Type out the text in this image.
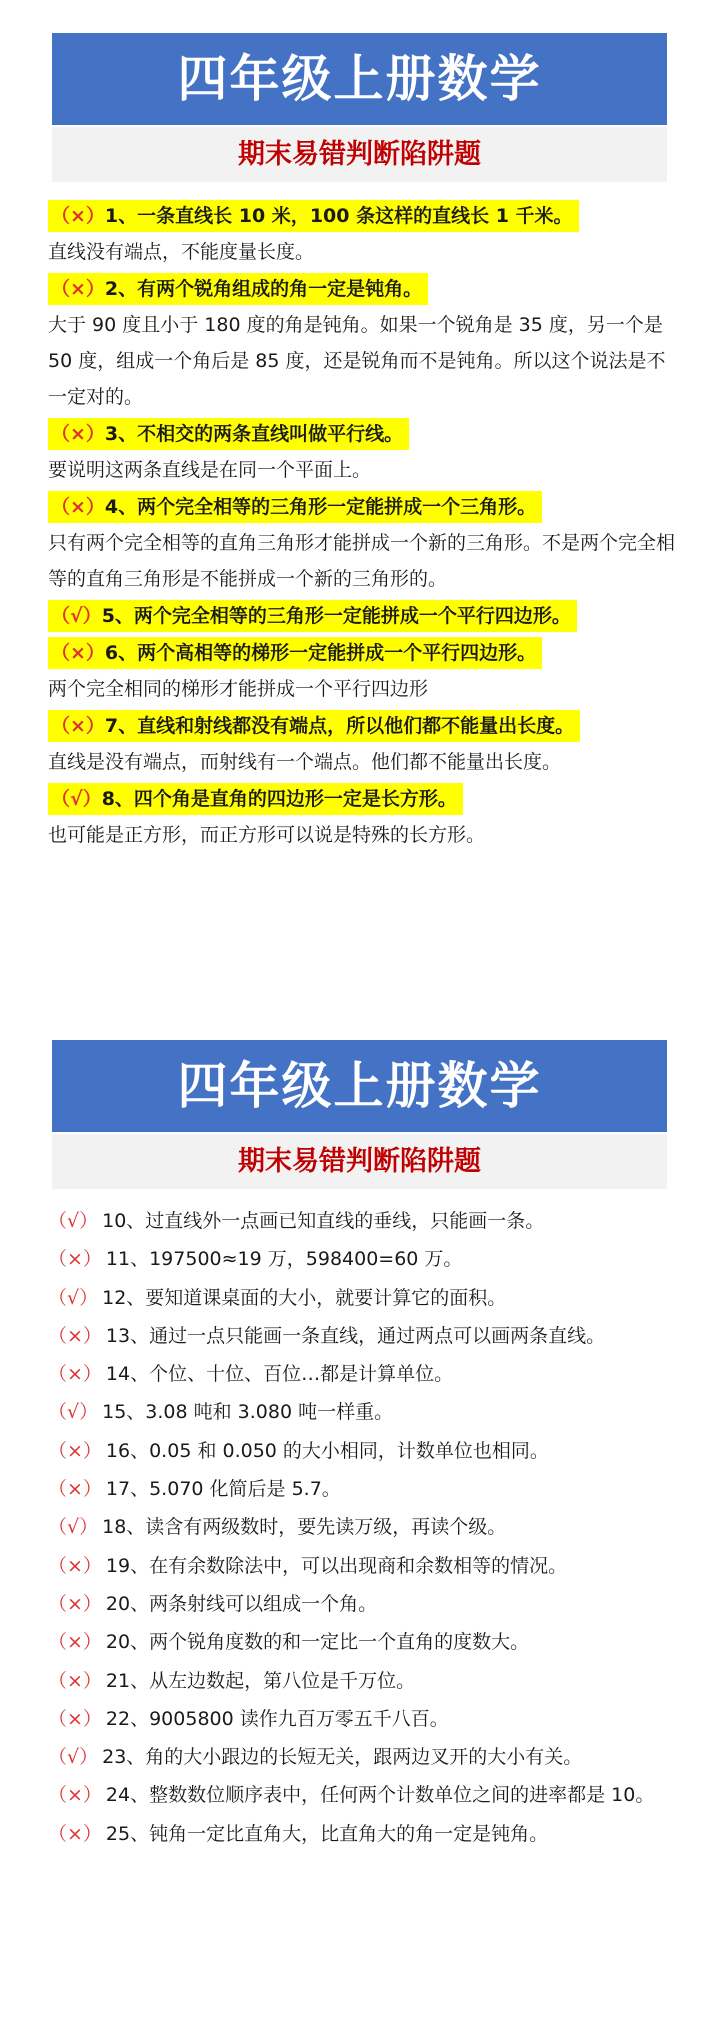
四年级上册数学
期末易错判断陷阱题
（×）1、一条直线长 10 米，100 条这样的直线长 1 千米。

直线没有端点，不能度量长度。

（×）2、有两个锐角组成的角一定是钝角。

大于 90 度且小于 180 度的角是钝角。如果一个锐角是 35 度，另一个是 50 度，组成一个角后是 85 度，还是锐角而不是钝角。所以这个说法是不一定对的。

（×）3、不相交的两条直线叫做平行线。

要说明这两条直线是在同一个平面上。

（×）4、两个完全相等的三角形一定能拼成一个三角形。

只有两个完全相等的直角三角形才能拼成一个新的三角形。不是两个完全相等的直角三角形是不能拼成一个新的三角形的。

（√）5、两个完全相等的三角形一定能拼成一个平行四边形。
（×）6、两个高相等的梯形一定能拼成一个平行四边形。

两个完全相同的梯形才能拼成一个平行四边形

（×）7、直线和射线都没有端点，所以他们都不能量出长度。

直线是没有端点，而射线有一个端点。他们都不能量出长度。

（√）8、四个角是直角的四边形一定是长方形。

也可能是正方形，而正方形可以说是特殊的长方形。

四年级上册数学
期末易错判断陷阱题
（√） 10、过直线外一点画已知直线的垂线，只能画一条。
（×） 11、197500≈19 万，598400=60 万。
（√） 12、要知道课桌面的大小，就要计算它的面积。
（×） 13、通过一点只能画一条直线，通过两点可以画两条直线。
（×） 14、个位、十位、百位…都是计算单位。
（√） 15、3.08 吨和 3.080 吨一样重。
（×） 16、0.05 和 0.050 的大小相同，计数单位也相同。
（×） 17、5.070 化简后是 5.7。
（√） 18、读含有两级数时，要先读万级，再读个级。
（×） 19、在有余数除法中，可以出现商和余数相等的情况。
（×） 20、两条射线可以组成一个角。
（×） 20、两个锐角度数的和一定比一个直角的度数大。
（×） 21、从左边数起，第八位是千万位。
（×） 22、9005800 读作九百万零五千八百。
（√） 23、角的大小跟边的长短无关，跟两边叉开的大小有关。
（×） 24、整数数位顺序表中，任何两个计数单位之间的进率都是 10。
（×） 25、钝角一定比直角大，比直角大的角一定是钝角。
